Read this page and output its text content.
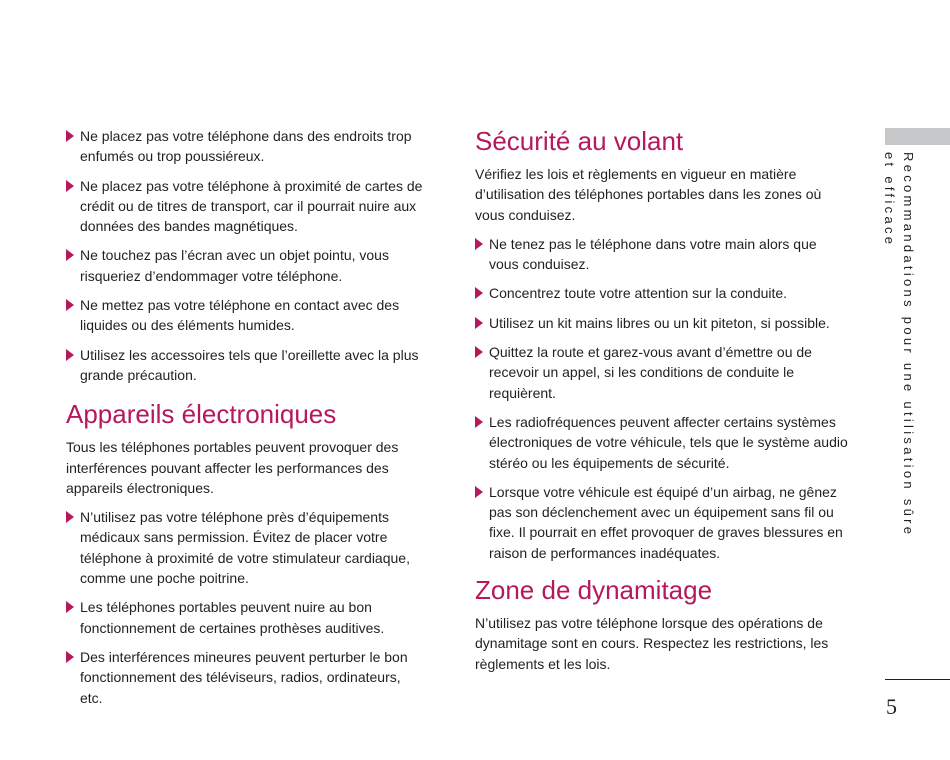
Ne placez pas votre téléphone dans des endroits trop enfumés ou trop poussiéreux.
Ne placez pas votre téléphone à proximité de cartes de crédit ou de titres de transport, car il pourrait nuire aux données des bandes magnétiques.
Ne touchez pas l’écran avec un objet pointu, vous risqueriez d’endommager votre téléphone.
Ne mettez pas votre téléphone en contact avec des liquides ou des éléments humides.
Utilisez les accessoires tels que l’oreillette avec la plus grande précaution.
Appareils électroniques

Tous les téléphones portables peuvent provoquer des interférences pouvant affecter les performances des appareils électroniques.

N’utilisez pas votre téléphone près d’équipements médicaux sans permission. Évitez de placer votre téléphone à proximité de votre stimulateur cardiaque, comme une poche poitrine.
Les téléphones portables peuvent nuire au bon fonctionnement de certaines prothèses auditives.
Des interférences mineures peuvent perturber le bon fonctionnement des téléviseurs, radios, ordinateurs, etc.
Sécurité au volant

Vérifiez les lois et règlements en vigueur en matière d’utilisation des téléphones portables dans les zones où vous conduisez.

Ne tenez pas le téléphone dans votre main alors que vous conduisez.
Concentrez toute votre attention sur la conduite.
Utilisez un kit mains libres ou un kit piteton, si possible.
Quittez la route et garez-vous avant d’émettre ou de recevoir un appel, si les conditions de conduite le requièrent.
Les radiofréquences peuvent affecter certains systèmes électroniques de votre véhicule, tels que le système audio stéréo ou les équipements de sécurité.
Lorsque votre véhicule est équipé d’un airbag, ne gênez pas son déclenchement avec un équipement sans fil ou fixe. Il pourrait en effet provoquer de graves blessures en raison de performances inadéquates.
Zone de dynamitage

N’utilisez pas votre téléphone lorsque des opérations de dynamitage sont en cours. Respectez les restrictions, les règlements et les lois.

Recommandations pour une utilisation sûre et efficace
5
